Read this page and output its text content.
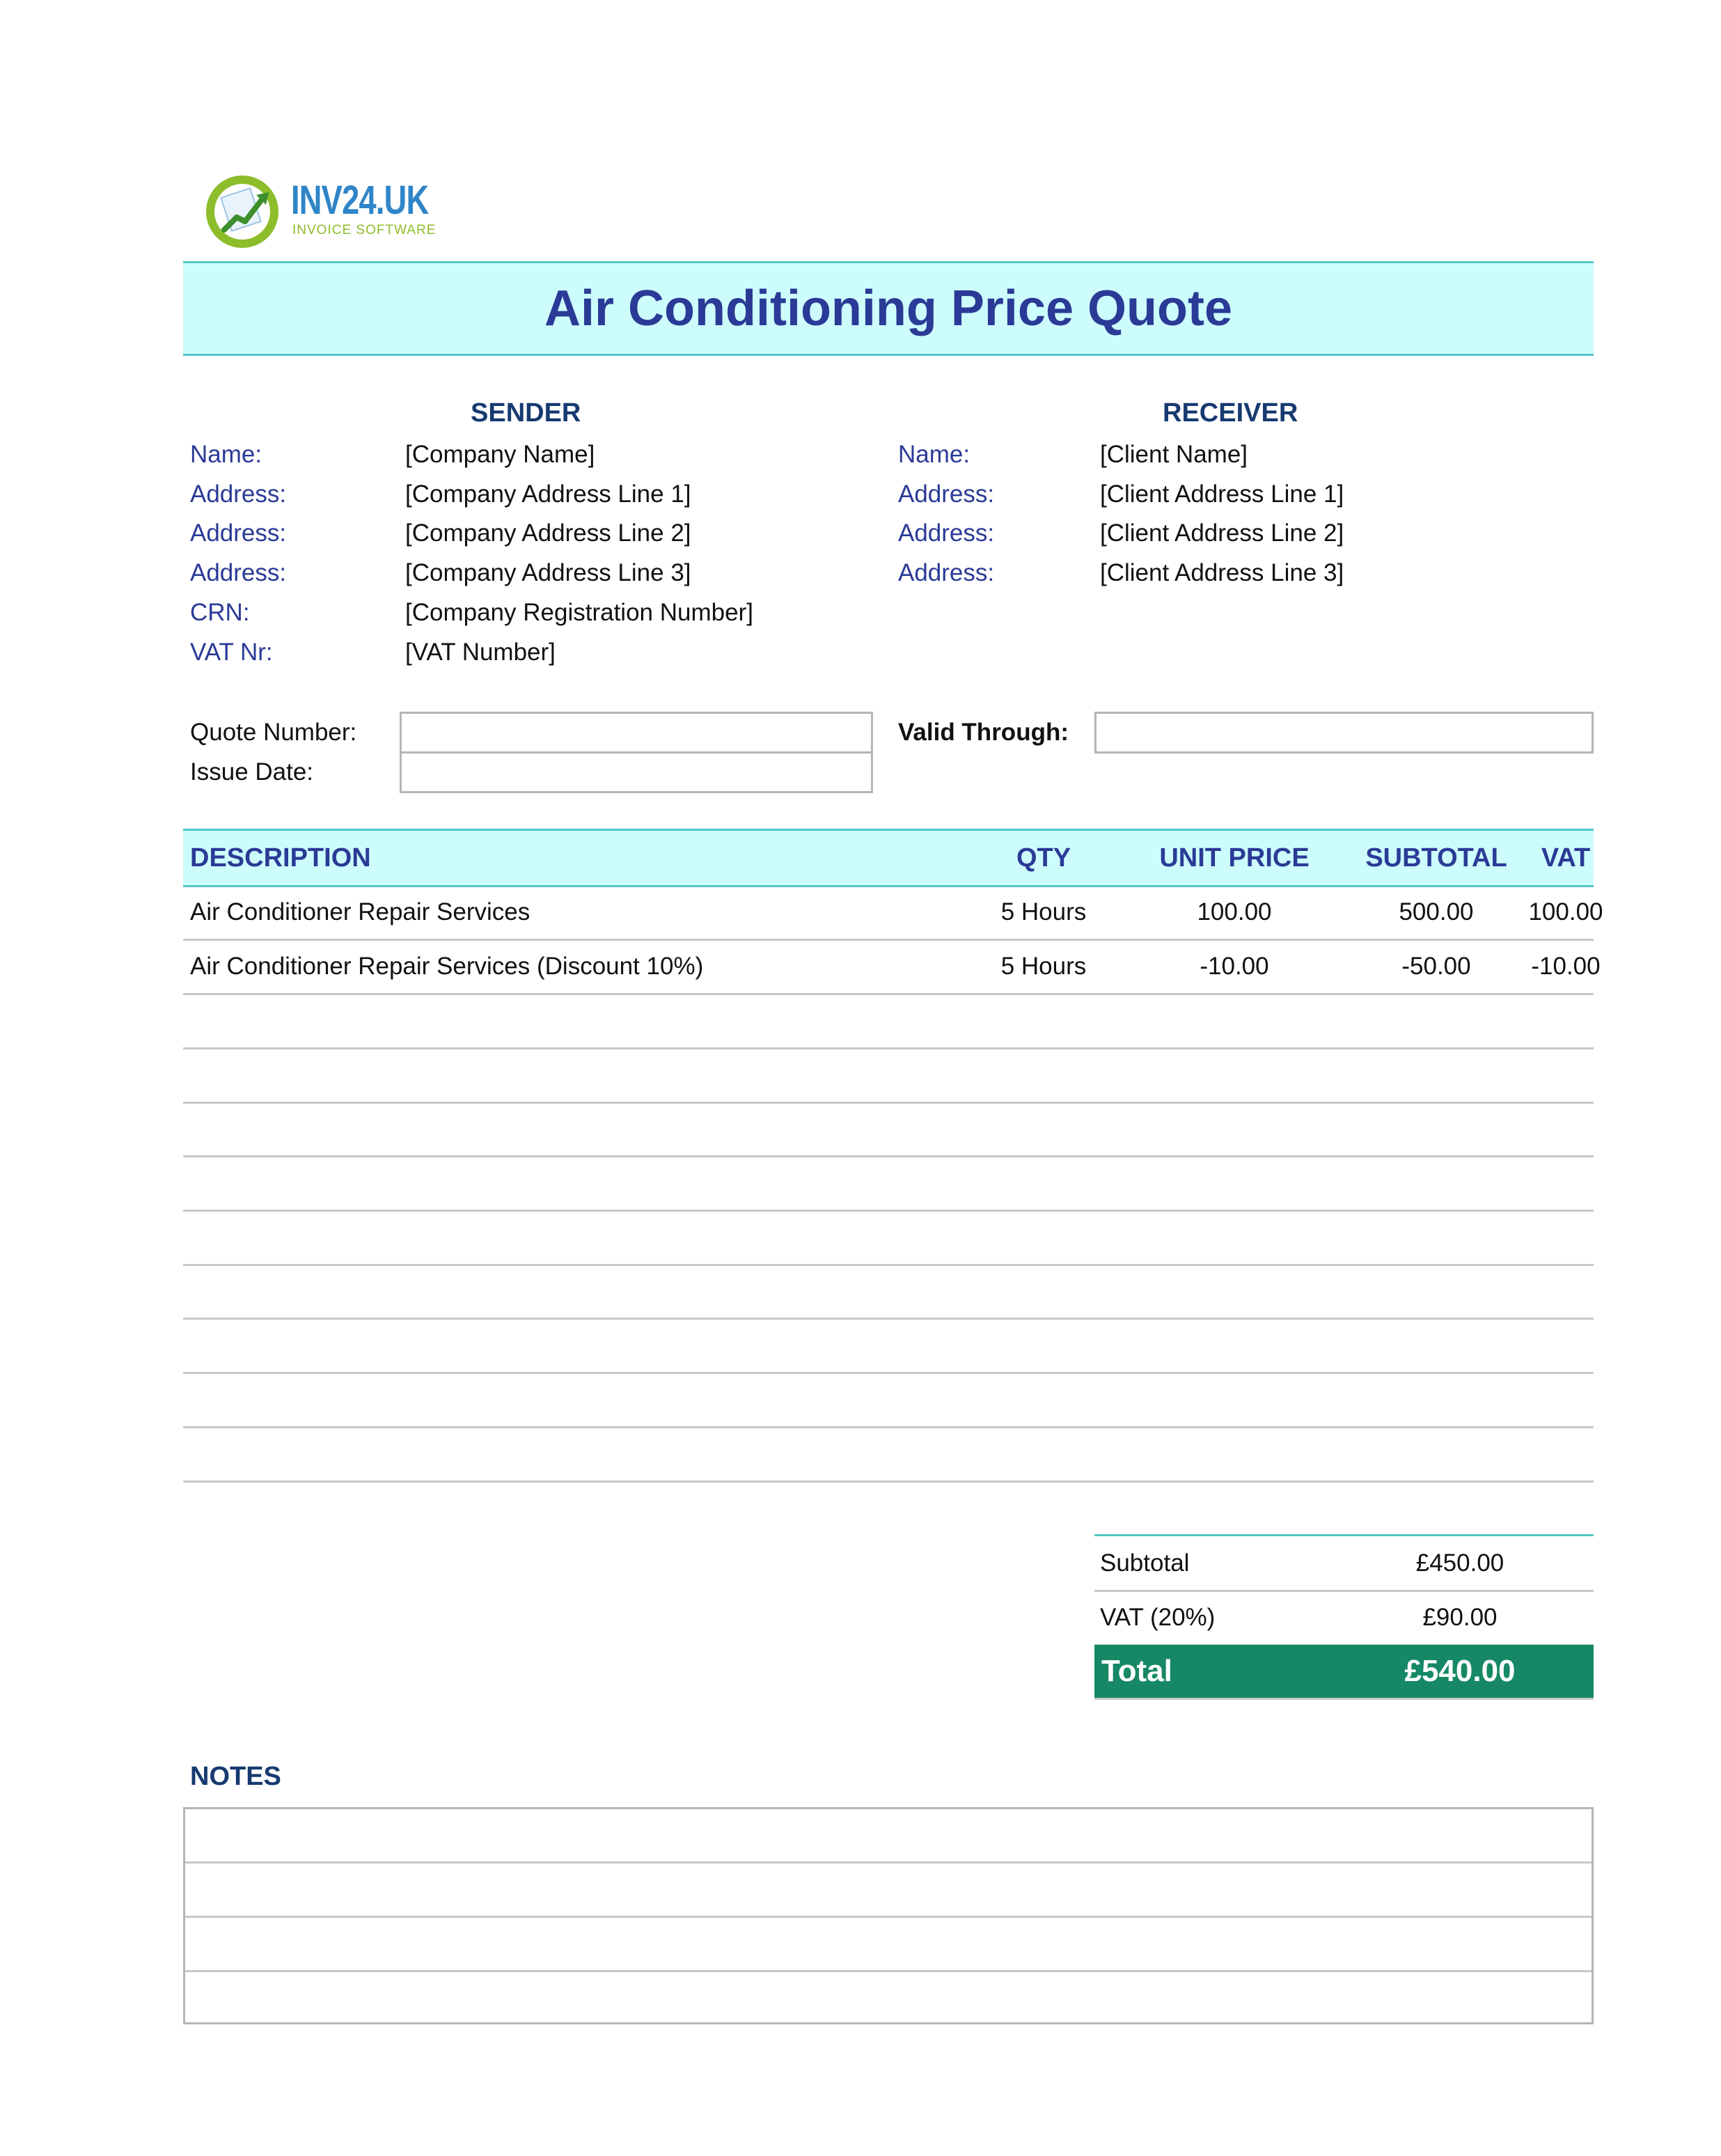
INV24.UK
INVOICE SOFTWARE
Air Conditioning Price Quote
SENDER
Name:	[Company Name]
Address:	[Company Address Line 1]
Address:	[Company Address Line 2]
Address:	[Company Address Line 3]
CRN:	[Company Registration Number]
VAT Nr:	[VAT Number]
RECEIVER
Name:	[Client Name]
Address:	[Client Address Line 1]
Address:	[Client Address Line 2]
Address:	[Client Address Line 3]
Quote Number:
Issue Date:
Valid Through:
DESCRIPTION	QTY	UNIT PRICE	SUBTOTAL	VAT
Air Conditioner Repair Services	5 Hours	100.00	500.00	100.00
Air Conditioner Repair Services (Discount 10%)	5 Hours	-10.00	-50.00	-10.00
Subtotal	£450.00
VAT (20%)	£90.00
Total	£540.00
NOTES
